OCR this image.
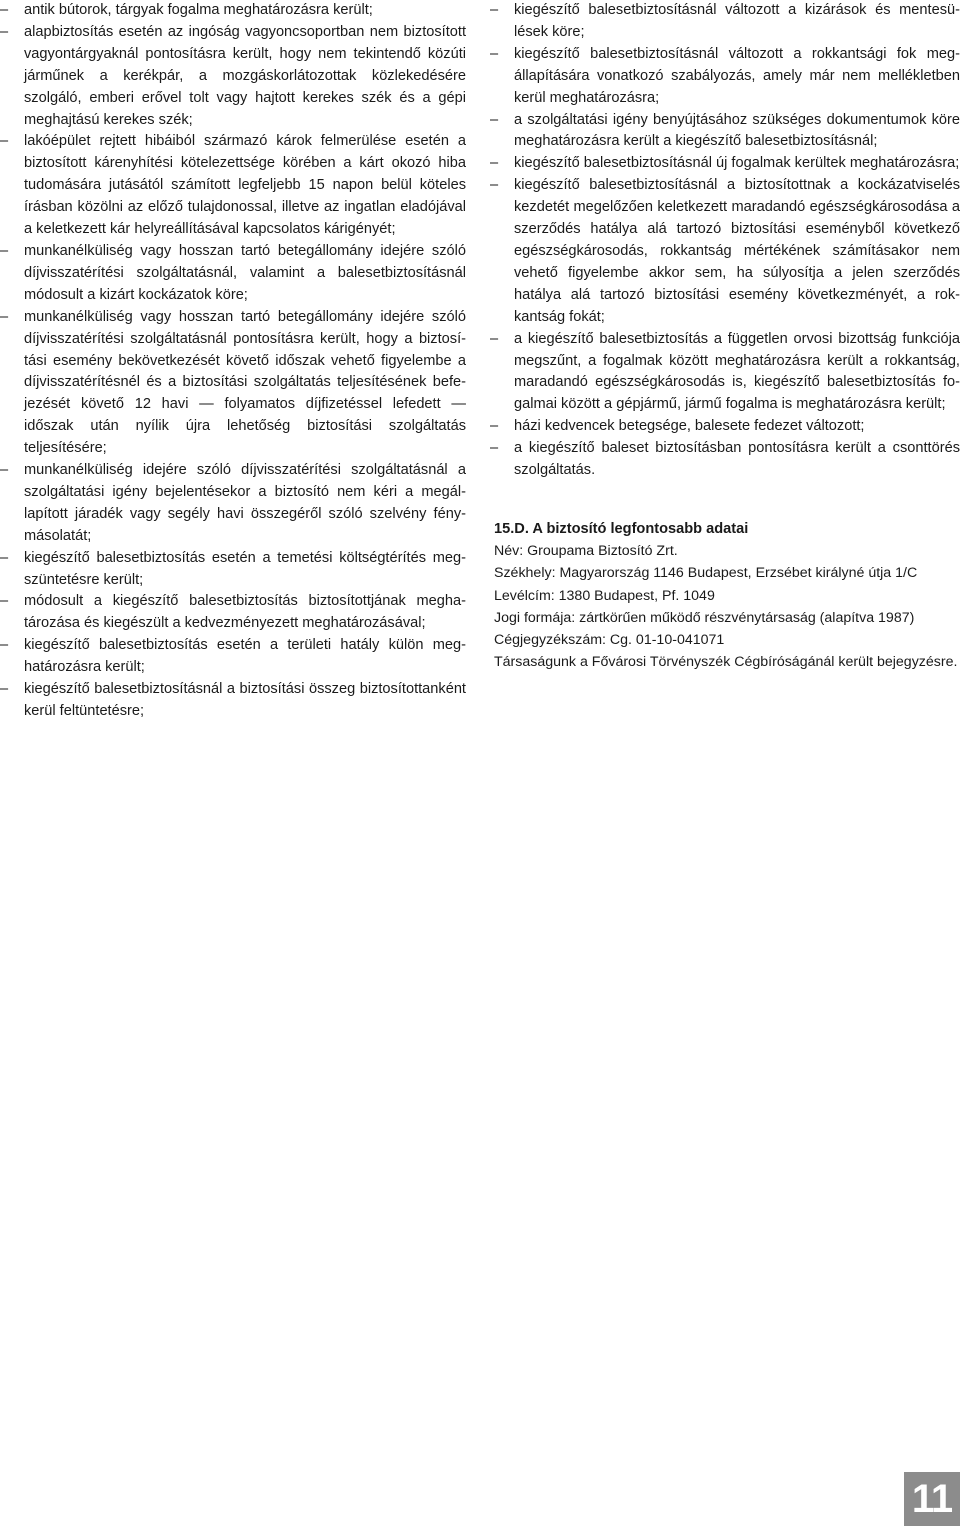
–	antik bútorok, tárgyak fogalma meghatározásra került;
–	alapbiztosítás esetén az ingóság vagyoncsoportban nem biztosított vagyontárgyaknál pontosításra került, hogy nem tekintendő közúti járműnek a kerékpár, a mozgáskorlátozottak közlekedésére szolgáló, emberi erővel tolt vagy hajtott kerekes szék és a gépi meghajtású kerekes szék;
–	lakóépület rejtett hibáiból származó károk felmerülése esetén a biztosított kárenyhítési kötelezettsége körében a kárt okozó hiba tudomására jutásától számított legfeljebb 15 napon belül köteles írásban közölni az előző tulajdonossal, illetve az ingatlan eladójával a keletkezett kár helyreállításával kapcsolatos kárigényét;
–	munkanélküliség vagy hosszan tartó betegállomány idejére szóló díjvisszatérítési szolgáltatásnál, valamint a balesetbiztosításnál módosult a kizárt kockázatok köre;
–	munkanélküliség vagy hosszan tartó betegállomány idejére szóló díjvisszatérítési szolgáltatásnál pontosításra került, hogy a biztosítási esemény bekövetkezését követő időszak vehető figyelembe a díjvisszatérítésnél és a biztosítási szolgáltatás teljesítésének befejezését követő 12 havi — folyamatos díjfizetéssel lefedett — időszak után nyílik újra lehetőség biztosítási szolgáltatás teljesítésére;
–	munkanélküliség idejére szóló díjvisszatérítési szolgáltatásnál a szolgáltatási igény bejelentésekor a biztosító nem kéri a megállapított járadék vagy segély havi összegéről szóló szelvény fénymásolatát;
–	kiegészítő balesetbiztosítás esetén a temetési költségtérítés megszüntetésre került;
–	módosult a kiegészítő balesetbiztosítás biztosítottjának meghatározása és kiegészült a kedvezményezett meghatározásával;
–	kiegészítő balesetbiztosítás esetén a területi hatály külön meghatározásra került;
–	kiegészítő balesetbiztosításnál a biztosítási összeg biztosítottanként kerül feltüntetésre;
–	kiegészítő balesetbiztosításnál változott a kizárások és mentesülések köre;
–	kiegészítő balesetbiztosításnál változott a rokkantsági fok megállapítására vonatkozó szabályozás, amely már nem mellékletben kerül meghatározásra;
–	a szolgáltatási igény benyújtásához szükséges dokumentumok köre meghatározásra került a kiegészítő balesetbiztosításnál;
–	kiegészítő balesetbiztosításnál új fogalmak kerültek meghatározásra;
–	kiegészítő balesetbiztosításnál a biztosítottnak a kockázatviselés kezdetét megelőzően keletkezett maradandó egészségkárosodása a szerződés hatálya alá tartozó biztosítási eseményből következő egészségkárosodás, rokkantság mértékének számításakor nem vehető figyelembe akkor sem, ha súlyosítja a jelen szerződés hatálya alá tartozó biztosítási esemény következményét, a rokkantság fokát;
–	a kiegészítő balesetbiztosítás a független orvosi bizottság funkciója megszűnt, a fogalmak között meghatározásra került a rokkantság, maradandó egészségkárosodás is, kiegészítő balesetbiztosítás fogalmai között a gépjármű, jármű fogalma is meghatározásra került;
–	házi kedvencek betegsége, balesete fedezet változott;
–	a kiegészítő baleset biztosításban pontosításra került a csonttörés szolgáltatás.
15.D. A biztosító legfontosabb adatai
Név: Groupama Biztosító Zrt.
Székhely: Magyarország 1146 Budapest, Erzsébet királyné útja 1/C
Levélcím: 1380 Budapest, Pf. 1049
Jogi formája: zártkörűen működő részvénytársaság (alapítva 1987)
Cégjegyzékszám: Cg. 01-10-041071
Társaságunk a Fővárosi Törvényszék Cégbíróságánál került bejegyzésre.
11
